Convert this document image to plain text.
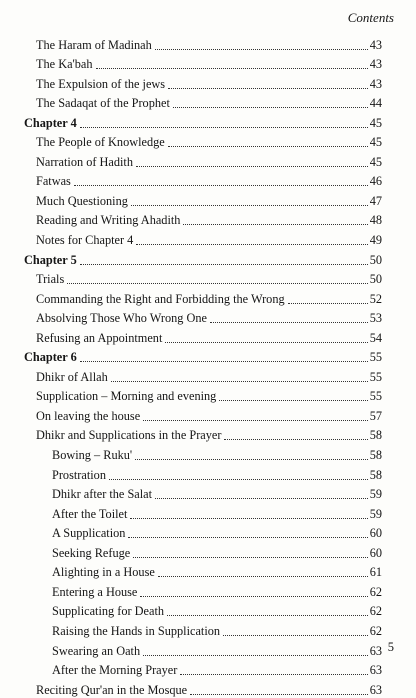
Contents
The Haram of Madinah	43
The Ka'bah	43
The Expulsion of the jews	43
The Sadaqat of the Prophet	44
Chapter 4	45
The People of Knowledge	45
Narration of Hadith	45
Fatwas	46
Much Questioning	47
Reading and Writing Ahadith	48
Notes for Chapter 4	49
Chapter 5	50
Trials	50
Commanding the Right and Forbidding the Wrong	52
Absolving Those Who Wrong One	53
Refusing an Appointment	54
Chapter 6	55
Dhikr of Allah	55
Supplication – Morning and evening	55
On leaving the house	57
Dhikr and Supplications in the Prayer	58
Bowing – Ruku'	58
Prostration	58
Dhikr after the Salat	59
After the Toilet	59
A Supplication	60
Seeking Refuge	60
Alighting in a House	61
Entering a House	62
Supplicating for Death	62
Raising the Hands in Supplication	62
Swearing an Oath	63
After the Morning Prayer	63
Reciting Qur'an in the Mosque	63
5
